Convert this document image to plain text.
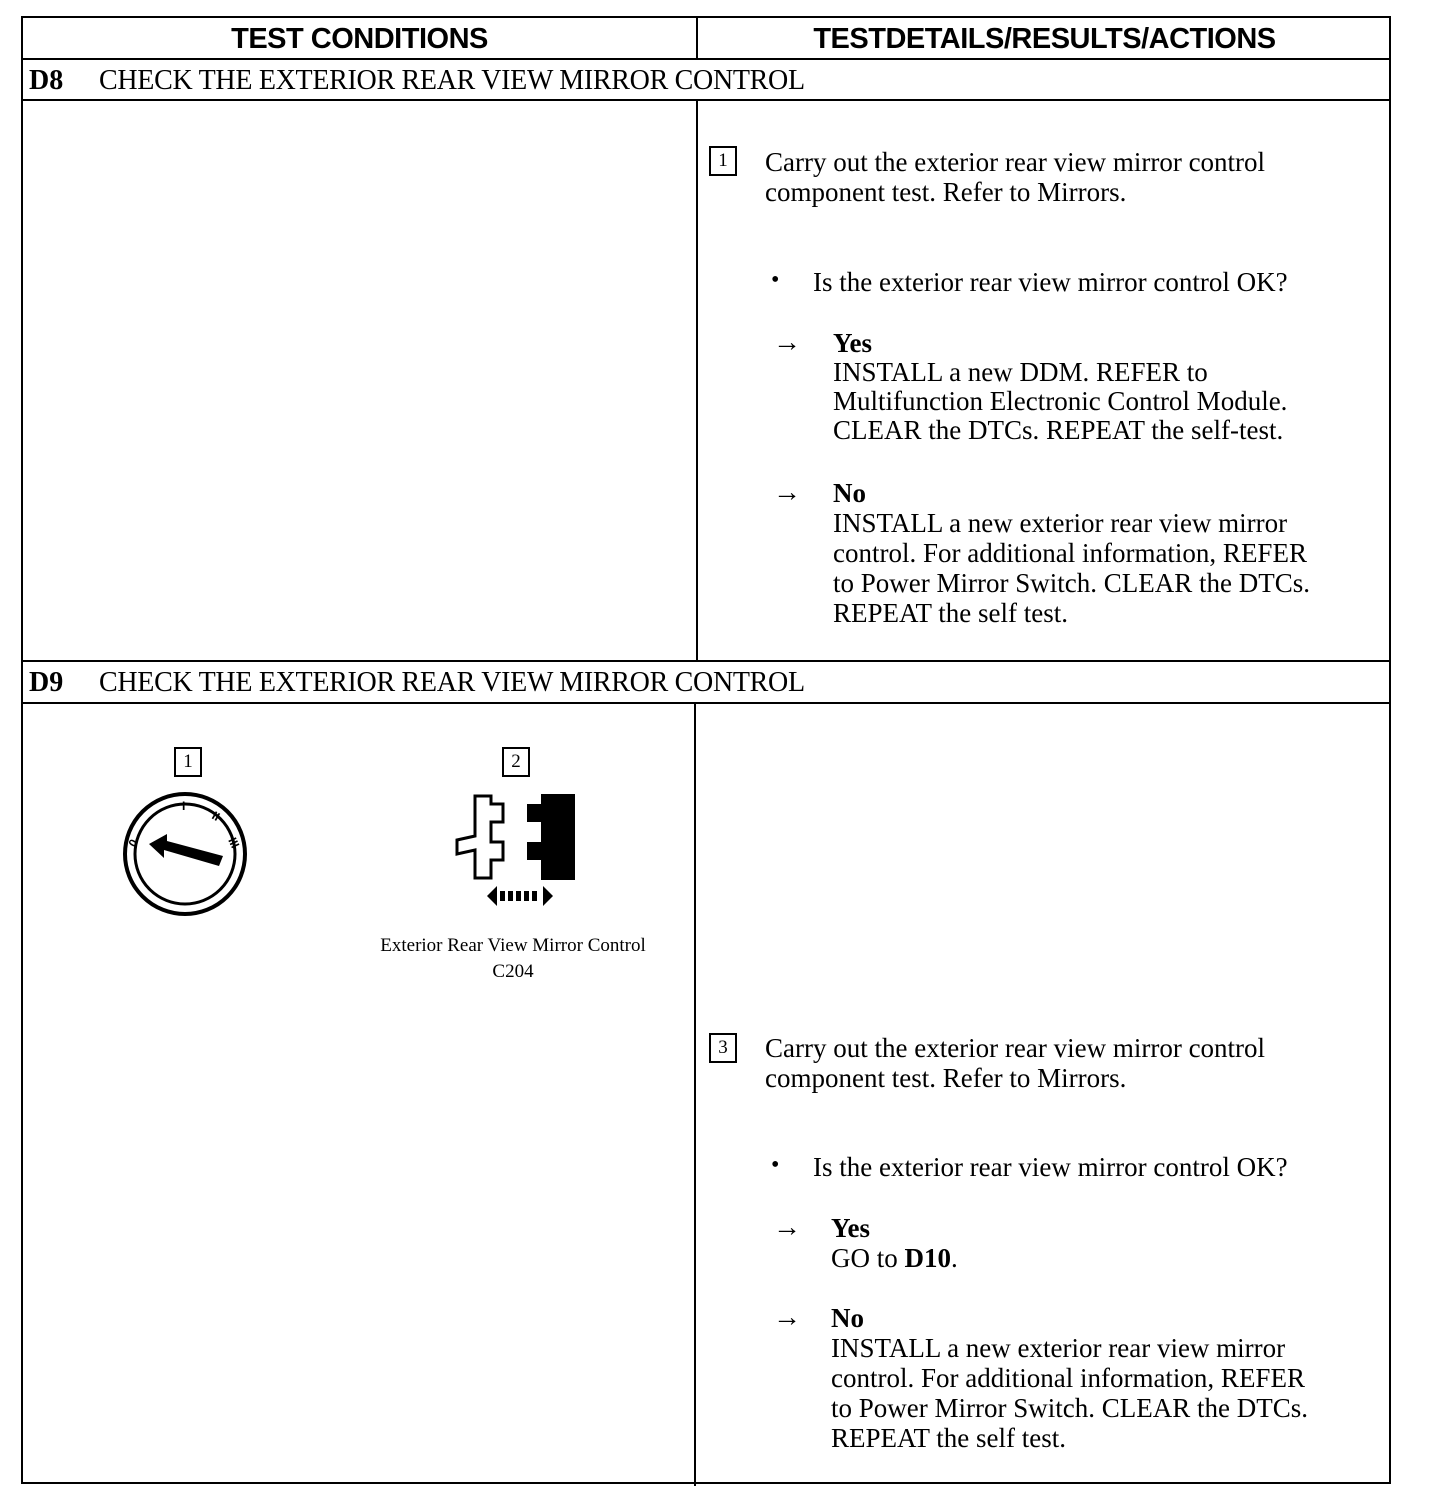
TEST CONDITIONS	TESTDETAILS/RESULTS/ACTIONS
D8 CHECK THE EXTERIOR REAR VIEW MIRROR CONTROL
1	Carry out the exterior rear view mirror control
component test. Refer to Mirrors.
• Is the exterior rear view mirror control OK?
→ Yes
INSTALL a new DDM. REFER to
Multifunction Electronic Control Module.
CLEAR the DTCs. REPEAT the self-test.
→ No
INSTALL a new exterior rear view mirror
control. For additional information, REFER
to Power Mirror Switch. CLEAR the DTCs.
REPEAT the self test.
D9 CHECK THE EXTERIOR REAR VIEW MIRROR CONTROL
1
0
I
II
III
2
Exterior Rear View Mirror Control
C204
3	Carry out the exterior rear view mirror control
component test. Refer to Mirrors.
• Is the exterior rear view mirror control OK?
→ Yes
GO to D10.
→ No
INSTALL a new exterior rear view mirror
control. For additional information, REFER
to Power Mirror Switch. CLEAR the DTCs.
REPEAT the self test.
